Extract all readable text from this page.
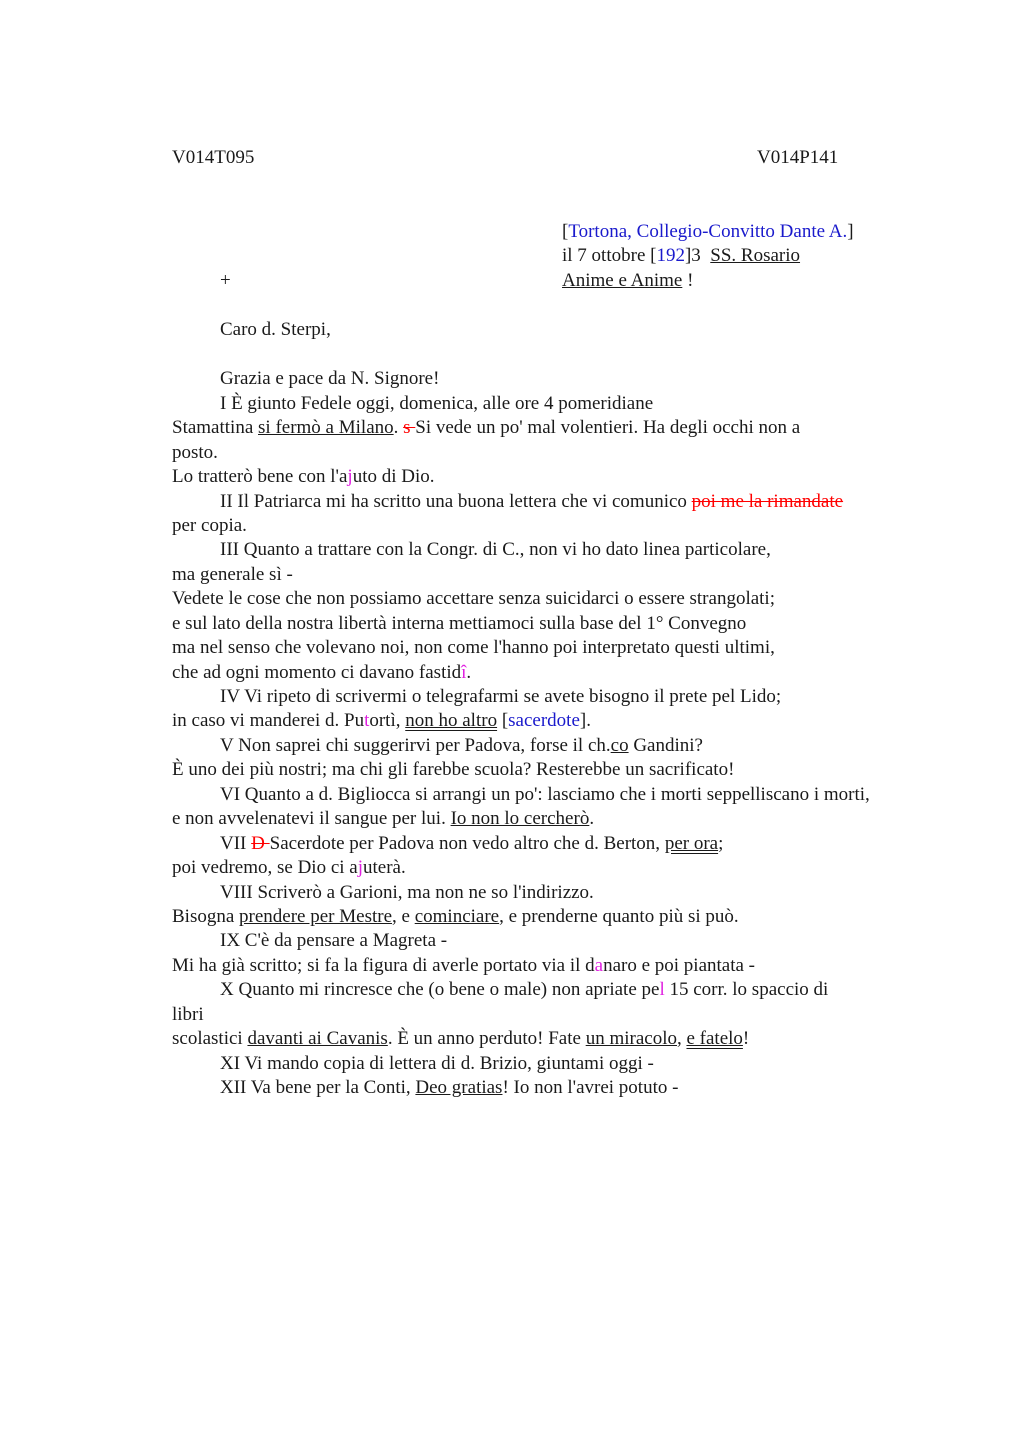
V014T095	V014P141
[Tortona, Collegio-Convitto Dante A.]
il 7 ottobre [192]3  SS. Rosario
+	Anime e Anime !
Caro d. Sterpi,
Grazia e pace da N. Signore!

I È giunto Fedele oggi, domenica, alle ore 4 pomeridiane

Stamattina si fermò a Milano. s Si vede un po' mal volentieri. Ha degli occhi non a

posto.

Lo tratterò bene con l'ajuto di Dio.

II Il Patriarca mi ha scritto una buona lettera che vi comunico poi me la rimandate

per copia.

III Quanto a trattare con la Congr. di C., non vi ho dato linea particolare,

ma generale sì -

Vedete le cose che non possiamo accettare senza suicidarci o essere strangolati;

e sul lato della nostra libertà interna mettiamoci sulla base del 1° Convegno

ma nel senso che volevano noi, non come l'hanno poi interpretato questi ultimi,

che ad ogni momento ci davano fastidî.

IV Vi ripeto di scrivermi o telegrafarmi se avete bisogno il prete pel Lido;

in caso vi manderei d. Putortì, non ho altro [sacerdote].

V Non saprei chi suggerirvi per Padova, forse il ch.co Gandini?

È uno dei più nostri; ma chi gli farebbe scuola? Resterebbe un sacrificato!

VI Quanto a d. Bigliocca si arrangi un po': lasciamo che i morti seppelliscano i morti,

e non avvelenatevi il sangue per lui. Io non lo cercherò.

VII D Sacerdote per Padova non vedo altro che d. Berton, per ora;

poi vedremo, se Dio ci ajuterà.

VIII Scriverò a Garioni, ma non ne so l'indirizzo.

Bisogna prendere per Mestre, e cominciare, e prenderne quanto più si può.

IX C'è da pensare a Magreta -

Mi ha già scritto; si fa la figura di averle portato via il danaro e poi piantata -

X Quanto mi rincresce che (o bene o male) non apriate pel 15 corr. lo spaccio di

libri

scolastici davanti ai Cavanis. È un anno perduto! Fate un miracolo, e fatelo!

XI Vi mando copia di lettera di d. Brizio, giuntami oggi -

XII Va bene per la Conti, Deo gratias! Io non l'avrei potuto -
